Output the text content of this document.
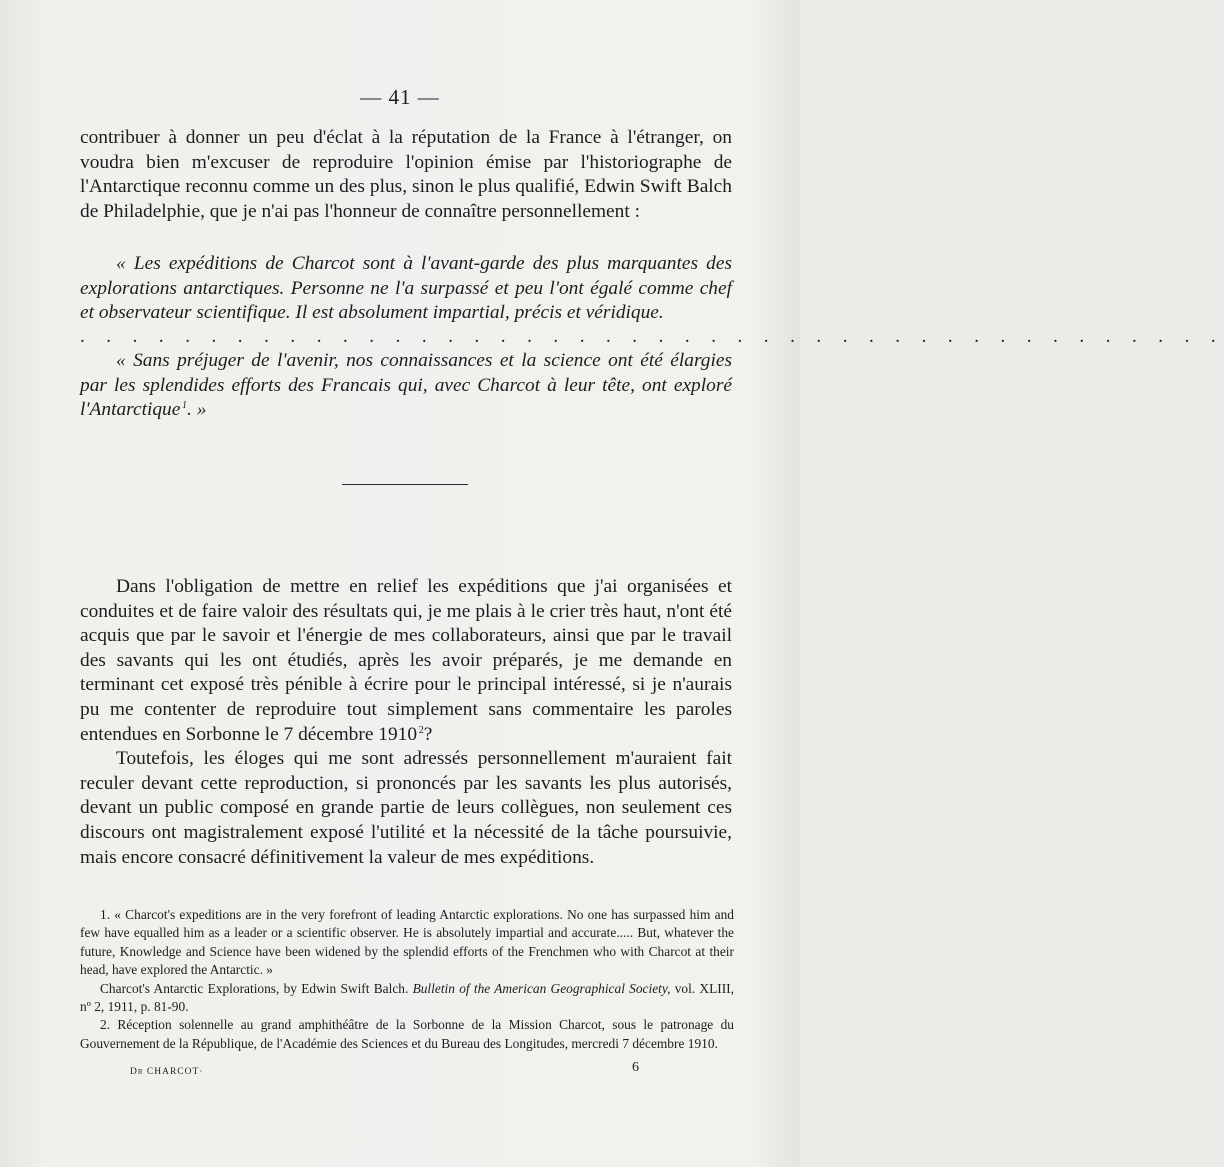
— 41 —

contribuer à donner un peu d'éclat à la réputation de la France à l'étranger, on voudra bien m'excuser de reproduire l'opinion émise par l'historiographe de l'Antarctique reconnu comme un des plus, sinon le plus qualifié, Edwin Swift Balch de Philadelphie, que je n'ai pas l'honneur de connaître personnellement :

« Les expéditions de Charcot sont à l'avant-garde des plus marquantes des explorations antarctiques. Personne ne l'a surpassé et peu l'ont égalé comme chef et observateur scientifique. Il est absolument impartial, précis et véridique.

. . . . . . . . . . . . . . . . . . . . . . . . . . . . . . . . . . . . . . . . . . . .

« Sans préjuger de l'avenir, nos connaissances et la science ont été élargies par les splendides efforts des Francais qui, avec Charcot à leur tête, ont exploré l'Antarctique  $^1$. »

Dans l'obligation de mettre en relief les expéditions que j'ai organisées et conduites et de faire valoir des résultats qui, je me plais à le crier très haut, n'ont été acquis que par le savoir et l'énergie de mes collaborateurs, ainsi que par le travail des savants qui les ont étudiés, après les avoir préparés, je me demande en terminant cet exposé très pénible à écrire pour le principal intéressé, si je n'aurais pu me contenter de reproduire tout simplement sans commentaire les paroles entendues en Sorbonne le 7 décembre 1910  $^2$?

Toutefois, les éloges qui me sont adressés personnellement m'auraient fait reculer devant cette reproduction, si prononcés par les savants les plus autorisés, devant un public composé en grande partie de leurs collègues, non seulement ces discours ont magistralement exposé l'utilité et la nécessité de la tâche poursuivie, mais encore consacré définitivement la valeur de mes expéditions.

1. « Charcot's expeditions are in the very forefront of leading Antarctic explorations. No one has surpassed him and few have equalled him as a leader or a scientific observer. He is absolutely impartial and accurate..... But, whatever the future, Knowledge and Science have been widened by the splendid efforts of the Frenchmen who with Charcot at their head, have explored the Antarctic. »

Charcot's Antarctic Explorations, by Edwin Swift Balch. Bulletin of the American Geographical Society, vol. XLIII, nº 2, 1911, p. 81-90.

2. Réception solennelle au grand amphithéâtre de la Sorbonne de la Mission Charcot, sous le patronage du Gouvernement de la République, de l'Académie des Sciences et du Bureau des Longitudes, mercredi 7 décembre 1910.

Dr CHARCOT·	6
